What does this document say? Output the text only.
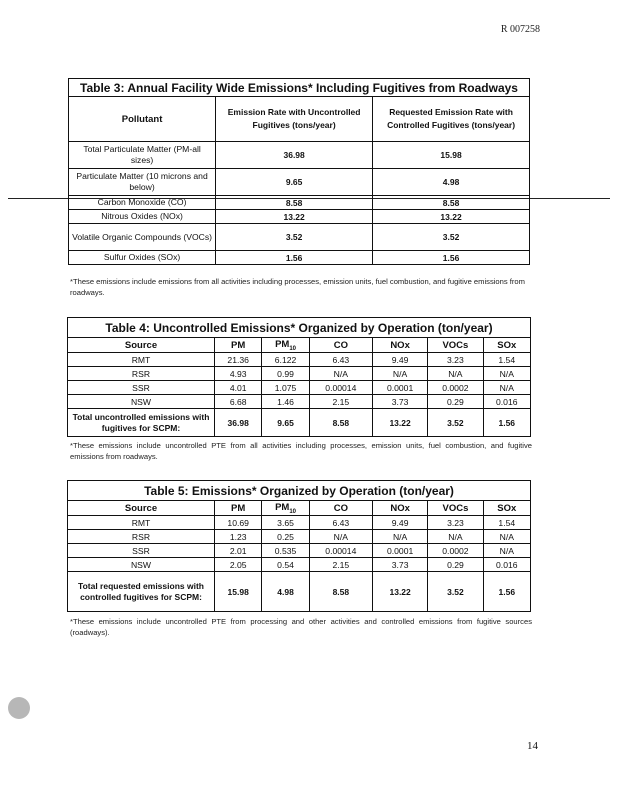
R 007258
Table 3: Annual Facility Wide Emissions* Including Fugitives from Roadways		
Pollutant	Emission Rate with Uncontrolled Fugitives (tons/year)	Requested Emission Rate with Controlled Fugitives (tons/year)
Total Particulate Matter (PM-all sizes)	36.98	15.98
Particulate Matter (10 microns and below)	9.65	4.98
Carbon Monoxide (CO)	8.58	8.58
Nitrous Oxides (NOx)	13.22	13.22
Volatile Organic Compounds (VOCs)	3.52	3.52
Sulfur Oxides (SOx)	1.56	1.56
*These emissions include emissions from all activities including processes, emission units, fuel combustion, and fugitive emissions from roadways.
Table 4: Uncontrolled Emissions* Organized by Operation (ton/year)						
Source	PM	$PM_{10}$	CO	NOx	VOCs	SOx
RMT	21.36	6.122	6.43	9.49	3.23	1.54
RSR	4.93	0.99	N/A	N/A	N/A	N/A
SSR	4.01	1.075	0.00014	0.0001	0.0002	N/A
NSW	6.68	1.46	2.15	3.73	0.29	0.016
Total uncontrolled emissions with fugitives for SCPM:	36.98	9.65	8.58	13.22	3.52	1.56
*These emissions include uncontrolled PTE from all activities including processes, emission units, fuel combustion, and fugitive emissions from roadways.
Table 5: Emissions* Organized by Operation (ton/year)						
Source	PM	$PM_{10}$	CO	NOx	VOCs	SOx
RMT	10.69	3.65	6.43	9.49	3.23	1.54
RSR	1.23	0.25	N/A	N/A	N/A	N/A
SSR	2.01	0.535	0.00014	0.0001	0.0002	N/A
NSW	2.05	0.54	2.15	3.73	0.29	0.016
Total requested emissions with controlled fugitives for SCPM:	15.98	4.98	8.58	13.22	3.52	1.56
*These emissions include uncontrolled PTE from processing and other activities and controlled emissions from fugitive sources (roadways).
14
